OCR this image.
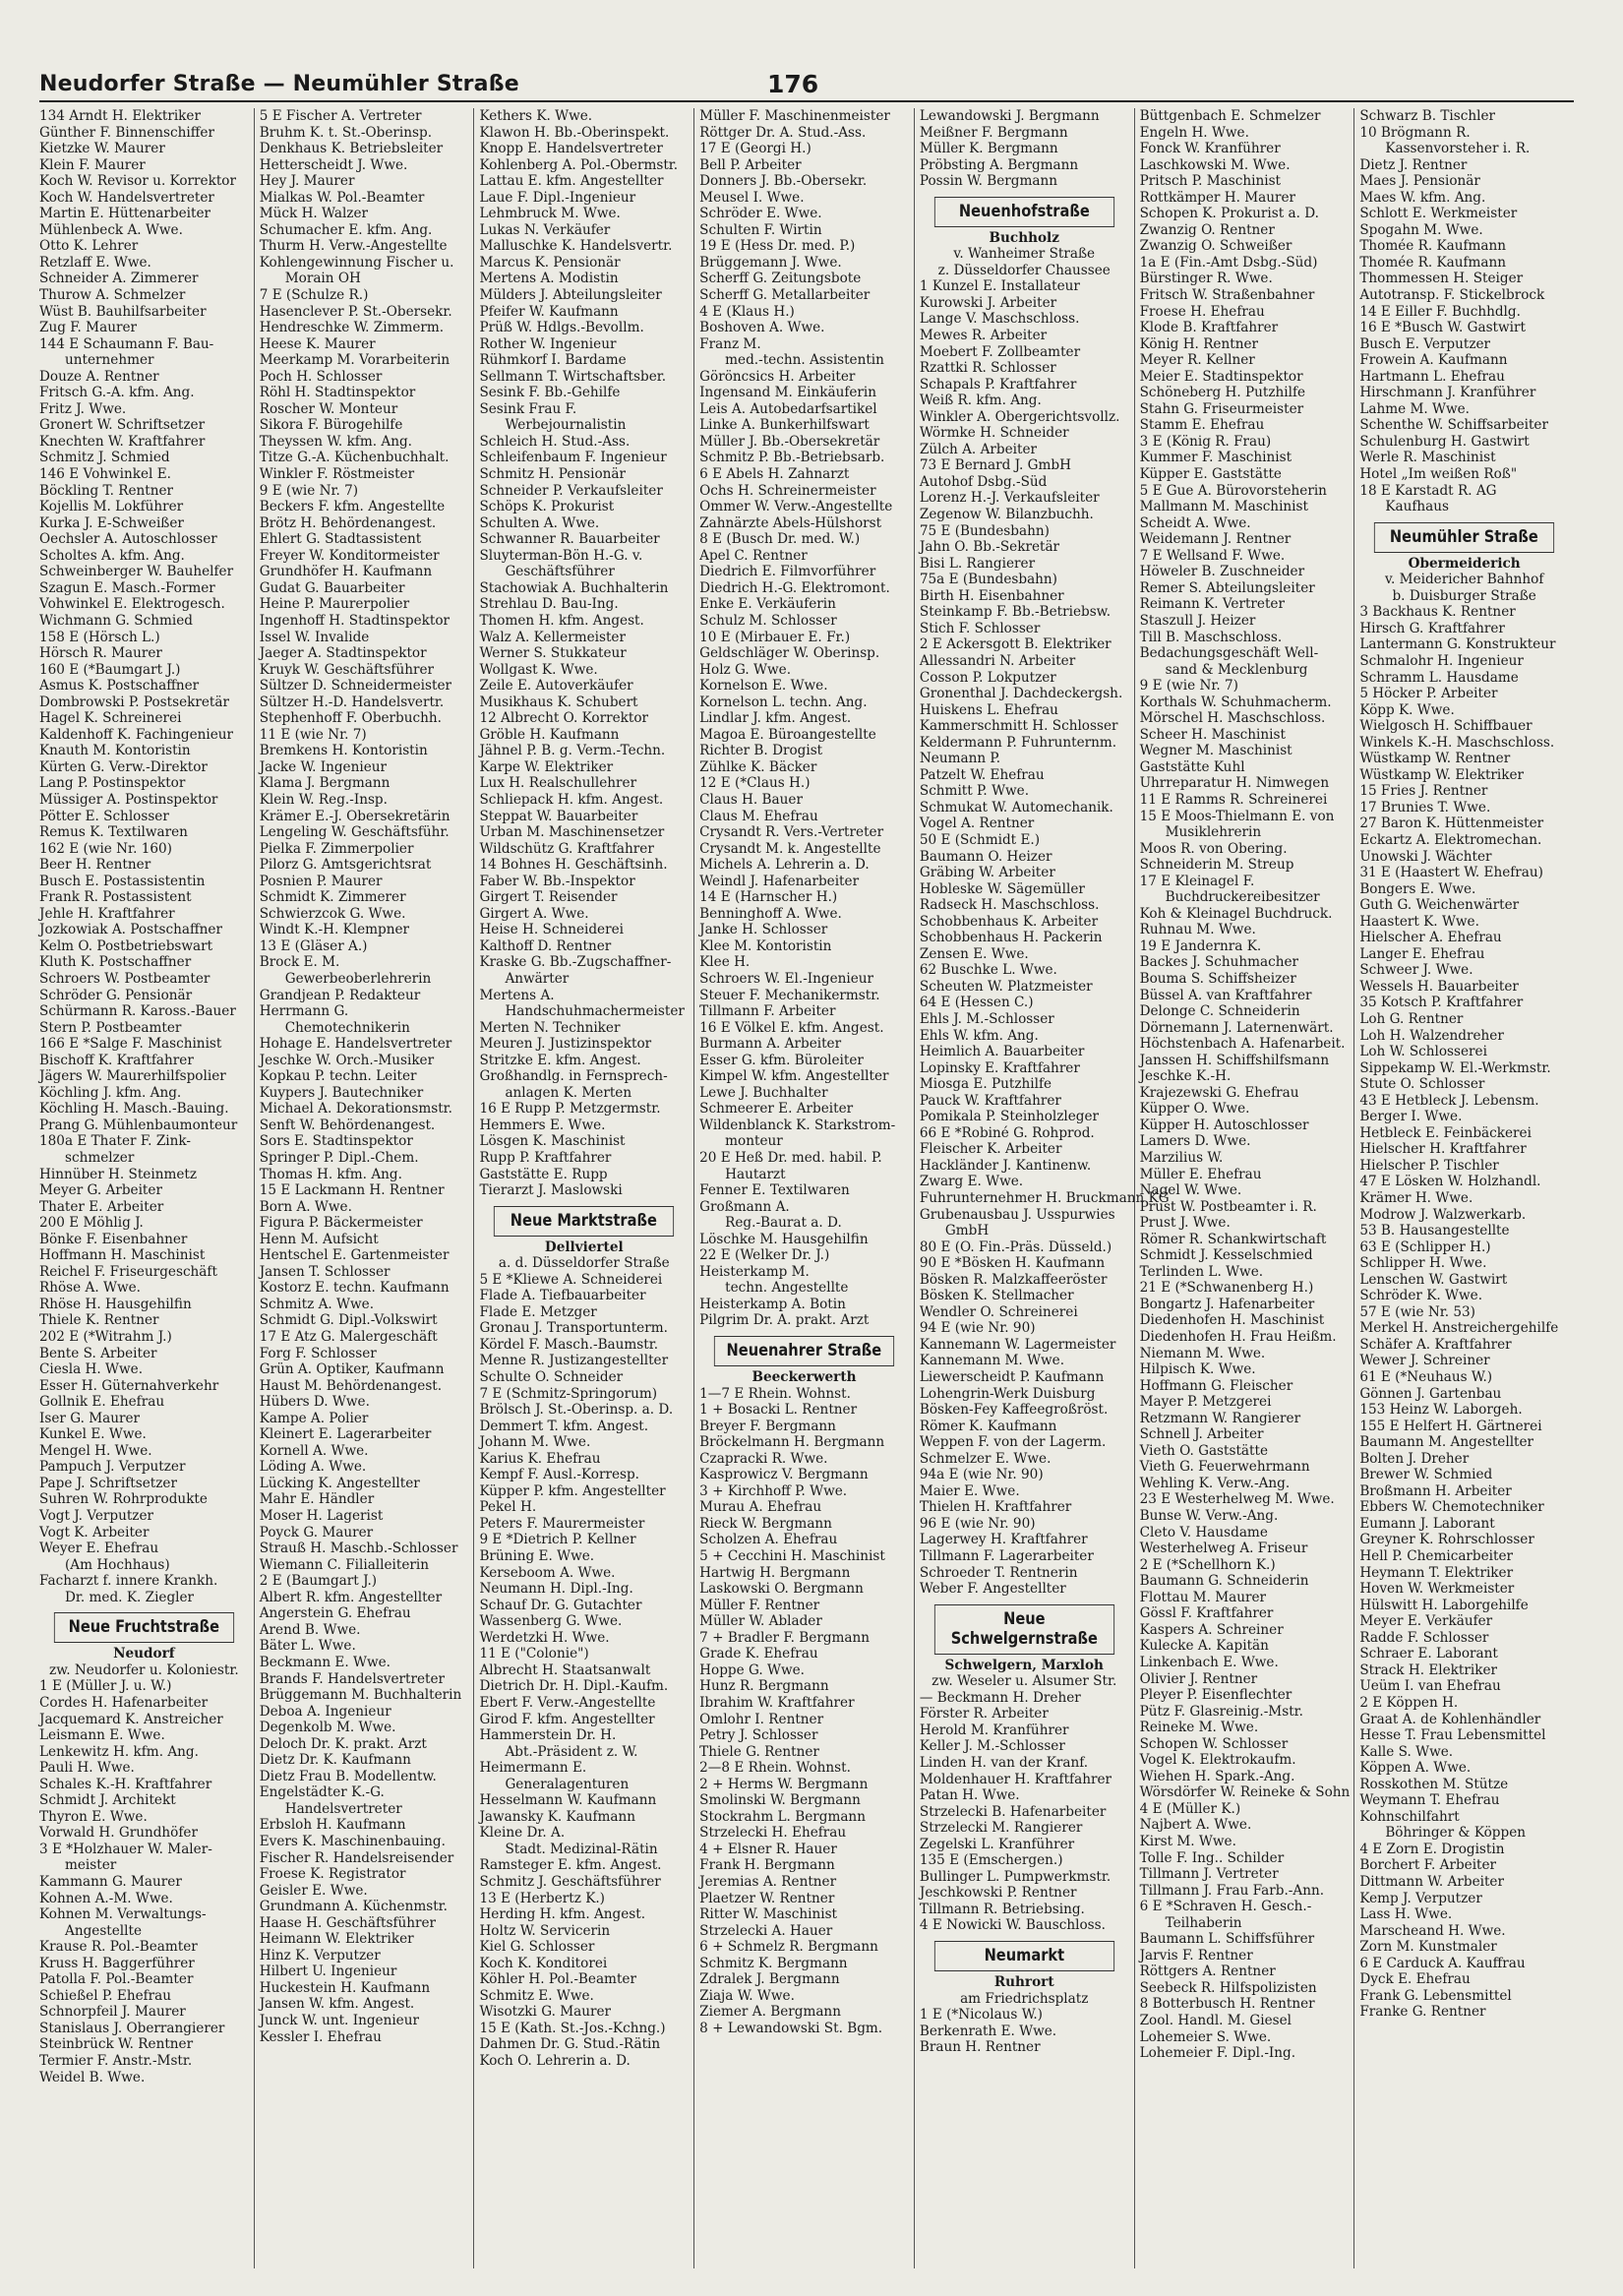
Neudorfer Straße — Neumühler Straße	176
134 Arndt H. Elektriker
Günther F. Binnenschiffer
Kietzke W. Maurer
Klein F. Maurer
Koch W. Revisor u. Korrektor
Koch W. Handelsvertreter
Martin E. Hüttenarbeiter
Mühlenbeck A. Wwe.
Otto K. Lehrer
Retzlaff E. Wwe.
Schneider A. Zimmerer
Thurow A. Schmelzer
Wüst B. Bauhilfsarbeiter
Zug F. Maurer
144 E Schaumann F. Bau-
unternehmer
Douze A. Rentner
Fritsch G.-A. kfm. Ang.
Fritz J. Wwe.
Gronert W. Schriftsetzer
Knechten W. Kraftfahrer
Schmitz J. Schmied
146 E Vohwinkel E.
Böckling T. Rentner
Kojellis M. Lokführer
Kurka J. E-Schweißer
Oechsler A. Autoschlosser
Scholtes A. kfm. Ang.
Schweinberger W. Bauhelfer
Szagun E. Masch.-Former
Vohwinkel E. Elektrogesch.
Wichmann G. Schmied
158 E (Hörsch L.)
Hörsch R. Maurer
160 E (*Baumgart J.)
Asmus K. Postschaffner
Dombrowski P. Postsekretär
Hagel K. Schreinerei
Kaldenhoff K. Fachingenieur
Knauth M. Kontoristin
Kürten G. Verw.-Direktor
Lang P. Postinspektor
Müssiger A. Postinspektor
Pötter E. Schlosser
Remus K. Textilwaren
162 E (wie Nr. 160)
Beer H. Rentner
Busch E. Postassistentin
Frank R. Postassistent
Jehle H. Kraftfahrer
Jozkowiak A. Postschaffner
Kelm O. Postbetriebswart
Kluth K. Postschaffner
Schroers W. Postbeamter
Schröder G. Pensionär
Schürmann R. Kaross.-Bauer
Stern P. Postbeamter
166 E *Salge F. Maschinist
Bischoff K. Kraftfahrer
Jägers W. Maurerhilfspolier
Köchling J. kfm. Ang.
Köchling H. Masch.-Bauing.
Prang G. Mühlenbaumonteur
180a E Thater F. Zink-
schmelzer
Hinnüber H. Steinmetz
Meyer G. Arbeiter
Thater E. Arbeiter
200 E Möhlig J.
Bönke F. Eisenbahner
Hoffmann H. Maschinist
Reichel F. Friseurgeschäft
Rhöse A. Wwe.
Rhöse H. Hausgehilfin
Thiele K. Rentner
202 E (*Witrahm J.)
Bente S. Arbeiter
Ciesla H. Wwe.
Esser H. Güternahverkehr
Gollnik E. Ehefrau
Iser G. Maurer
Kunkel E. Wwe.
Mengel H. Wwe.
Pampuch J. Verputzer
Pape J. Schriftsetzer
Suhren W. Rohrprodukte
Vogt J. Verputzer
Vogt K. Arbeiter
Weyer E. Ehefrau
(Am Hochhaus)
Facharzt f. innere Krankh.
Dr. med. K. Ziegler
Neue Fruchtstraße
Neudorf
zw. Neudorfer u. Koloniestr.
1 E (Müller J. u. W.)
Cordes H. Hafenarbeiter
Jacquemard K. Anstreicher
Leismann E. Wwe.
Lenkewitz H. kfm. Ang.
Pauli H. Wwe.
Schales K.-H. Kraftfahrer
Schmidt J. Architekt
Thyron E. Wwe.
Vorwald H. Grundhöfer
3 E *Holzhauer W. Maler-
meister
Kammann G. Maurer
Kohnen A.-M. Wwe.
Kohnen M. Verwaltungs-
Angestellte
Krause R. Pol.-Beamter
Kruss H. Baggerführer
Patolla F. Pol.-Beamter
Schießel P. Ehefrau
Schnorpfeil J. Maurer
Stanislaus J. Oberrangierer
Steinbrück W. Rentner
Termier F. Anstr.-Mstr.
Weidel B. Wwe.
5 E Fischer A. Vertreter
Bruhm K. t. St.-Oberinsp.
Denkhaus K. Betriebsleiter
Hetterscheidt J. Wwe.
Hey J. Maurer
Mialkas W. Pol.-Beamter
Mück H. Walzer
Schumacher E. kfm. Ang.
Thurm H. Verw.-Angestellte
Kohlengewinnung Fischer u.
Morain OH
7 E (Schulze R.)
Hasenclever P. St.-Obersekr.
Hendreschke W. Zimmerm.
Heese K. Maurer
Meerkamp M. Vorarbeiterin
Poch H. Schlosser
Röhl H. Stadtinspektor
Roscher W. Monteur
Sikora F. Bürogehilfe
Theyssen W. kfm. Ang.
Titze G.-A. Küchenbuchhalt.
Winkler F. Röstmeister
9 E (wie Nr. 7)
Beckers F. kfm. Angestellte
Brötz H. Behördenangest.
Ehlert G. Stadtassistent
Freyer W. Konditormeister
Grundhöfer H. Kaufmann
Gudat G. Bauarbeiter
Heine P. Maurerpolier
Ingenhoff H. Stadtinspektor
Issel W. Invalide
Jaeger A. Stadtinspektor
Kruyk W. Geschäftsführer
Sültzer D. Schneidermeister
Sültzer H.-D. Handelsvertr.
Stephenhoff F. Oberbuchh.
11 E (wie Nr. 7)
Bremkens H. Kontoristin
Jacke W. Ingenieur
Klama J. Bergmann
Klein W. Reg.-Insp.
Krämer E.-J. Obersekretärin
Lengeling W. Geschäftsführ.
Pielka F. Zimmerpolier
Pilorz G. Amtsgerichtsrat
Posnien P. Maurer
Schmidt K. Zimmerer
Schwierzcok G. Wwe.
Windt K.-H. Klempner
13 E (Gläser A.)
Brock E. M.
Gewerbeoberlehrerin
Grandjean P. Redakteur
Herrmann G.
Chemotechnikerin
Hohage E. Handelsvertreter
Jeschke W. Orch.-Musiker
Kopkau P. techn. Leiter
Kuypers J. Bautechniker
Michael A. Dekorationsmstr.
Senft W. Behördenangest.
Sors E. Stadtinspektor
Springer P. Dipl.-Chem.
Thomas H. kfm. Ang.
15 E Lackmann H. Rentner
Born A. Wwe.
Figura P. Bäckermeister
Henn M. Aufsicht
Hentschel E. Gartenmeister
Jansen T. Schlosser
Kostorz E. techn. Kaufmann
Schmitz A. Wwe.
Schmidt G. Dipl.-Volkswirt
17 E Atz G. Malergeschäft
Forg F. Schlosser
Grün A. Optiker, Kaufmann
Haust M. Behördenangest.
Hübers D. Wwe.
Kampe A. Polier
Kleinert E. Lagerarbeiter
Kornell A. Wwe.
Löding A. Wwe.
Lücking K. Angestellter
Mahr E. Händler
Moser H. Lagerist
Poyck G. Maurer
Strauß H. Maschb.-Schlosser
Wiemann C. Filialleiterin
2 E (Baumgart J.)
Albert R. kfm. Angestellter
Angerstein G. Ehefrau
Arend B. Wwe.
Bäter L. Wwe.
Beckmann E. Wwe.
Brands F. Handelsvertreter
Brüggemann M. Buchhalterin
Deboa A. Ingenieur
Degenkolb M. Wwe.
Deloch Dr. K. prakt. Arzt
Dietz Dr. K. Kaufmann
Dietz Frau B. Modellentw.
Engelstädter K.-G.
Handelsvertreter
Erbsloh H. Kaufmann
Evers K. Maschinenbauing.
Fischer R. Handelsreisender
Froese K. Registrator
Geisler E. Wwe.
Grundmann A. Küchenmstr.
Haase H. Geschäftsführer
Heimann W. Elektriker
Hinz K. Verputzer
Hilbert U. Ingenieur
Huckestein H. Kaufmann
Jansen W. kfm. Angest.
Junck W. unt. Ingenieur
Kessler I. Ehefrau
Kethers K. Wwe.
Klawon H. Bb.-Oberinspekt.
Knopp E. Handelsvertreter
Kohlenberg A. Pol.-Obermstr.
Lattau E. kfm. Angestellter
Laue F. Dipl.-Ingenieur
Lehmbruck M. Wwe.
Lukas N. Verkäufer
Malluschke K. Handelsvertr.
Marcus K. Pensionär
Mertens A. Modistin
Mülders J. Abteilungsleiter
Pfeifer W. Kaufmann
Prüß W. Hdlgs.-Bevollm.
Rother W. Ingenieur
Rühmkorf I. Bardame
Sellmann T. Wirtschaftsber.
Sesink F. Bb.-Gehilfe
Sesink Frau F.
Werbejournalistin
Schleich H. Stud.-Ass.
Schleifenbaum F. Ingenieur
Schmitz H. Pensionär
Schneider P. Verkaufsleiter
Schöps K. Prokurist
Schulten A. Wwe.
Schwanner R. Bauarbeiter
Sluyterman-Bön H.-G. v.
Geschäftsführer
Stachowiak A. Buchhalterin
Strehlau D. Bau-Ing.
Thomen H. kfm. Angest.
Walz A. Kellermeister
Werner S. Stukkateur
Wollgast K. Wwe.
Zeile E. Autoverkäufer
Musikhaus K. Schubert
12 Albrecht O. Korrektor
Gröble H. Kaufmann
Jähnel P. B. g. Verm.-Techn.
Karpe W. Elektriker
Lux H. Realschullehrer
Schliepack H. kfm. Angest.
Steppat W. Bauarbeiter
Urban M. Maschinensetzer
Wildschütz G. Kraftfahrer
14 Bohnes H. Geschäftsinh.
Faber W. Bb.-Inspektor
Girgert T. Reisender
Girgert A. Wwe.
Heise H. Schneiderei
Kalthoff D. Rentner
Kraske G. Bb.-Zugschaffner-
Anwärter
Mertens A.
Handschuhmachermeister
Merten N. Techniker
Meuren J. Justizinspektor
Stritzke E. kfm. Angest.
Großhandlg. in Fernsprech-
anlagen K. Merten
16 E Rupp P. Metzgermstr.
Hemmers E. Wwe.
Lösgen K. Maschinist
Rupp P. Kraftfahrer
Gaststätte E. Rupp
Tierarzt J. Maslowski
Neue Marktstraße
Dellviertel
a. d. Düsseldorfer Straße
5 E *Kliewe A. Schneiderei
Flade A. Tiefbauarbeiter
Flade E. Metzger
Gronau J. Transportunterm.
Kördel F. Masch.-Baumstr.
Menne R. Justizangestellter
Schulte O. Schneider
7 E (Schmitz-Springorum)
Brölsch J. St.-Oberinsp. a. D.
Demmert T. kfm. Angest.
Johann M. Wwe.
Karius K. Ehefrau
Kempf F. Ausl.-Korresp.
Küpper P. kfm. Angestellter
Pekel H.
Peters F. Maurermeister
9 E *Dietrich P. Kellner
Brüning E. Wwe.
Kerseboom A. Wwe.
Neumann H. Dipl.-Ing.
Schauf Dr. G. Gutachter
Wassenberg G. Wwe.
Werdetzki H. Wwe.
11 E ("Colonie")
Albrecht H. Staatsanwalt
Dietrich Dr. H. Dipl.-Kaufm.
Ebert F. Verw.-Angestellte
Girod F. kfm. Angestellter
Hammerstein Dr. H.
Abt.-Präsident z. W.
Heimermann E.
Generalagenturen
Hesselmann W. Kaufmann
Jawansky K. Kaufmann
Kleine Dr. A.
Stadt. Medizinal-Rätin
Ramsteger E. kfm. Angest.
Schmitz J. Geschäftsführer
13 E (Herbertz K.)
Herding H. kfm. Angest.
Holtz W. Servicerin
Kiel G. Schlosser
Koch K. Konditorei
Köhler H. Pol.-Beamter
Schmitz E. Wwe.
Wisotzki G. Maurer
15 E (Kath. St.-Jos.-Kchng.)
Dahmen Dr. G. Stud.-Rätin
Koch O. Lehrerin a. D.
Müller F. Maschinenmeister
Röttger Dr. A. Stud.-Ass.
17 E (Georgi H.)
Bell P. Arbeiter
Donners J. Bb.-Obersekr.
Meusel I. Wwe.
Schröder E. Wwe.
Schulten F. Wirtin
19 E (Hess Dr. med. P.)
Brüggemann J. Wwe.
Scherff G. Zeitungsbote
Scherff G. Metallarbeiter
4 E (Klaus H.)
Boshoven A. Wwe.
Franz M.
med.-techn. Assistentin
Göröncsics H. Arbeiter
Ingensand M. Einkäuferin
Leis A. Autobedarfsartikel
Linke A. Bunkerhilfswart
Müller J. Bb.-Obersekretär
Schmitz P. Bb.-Betriebsarb.
6 E Abels H. Zahnarzt
Ochs H. Schreinermeister
Ommer W. Verw.-Angestellte
Zahnärzte Abels-Hülshorst
8 E (Busch Dr. med. W.)
Apel C. Rentner
Diedrich E. Filmvorführer
Diedrich H.-G. Elektromont.
Enke E. Verkäuferin
Schulz M. Schlosser
10 E (Mirbauer E. Fr.)
Geldschläger W. Oberinsp.
Holz G. Wwe.
Kornelson E. Wwe.
Kornelson L. techn. Ang.
Lindlar J. kfm. Angest.
Magoa E. Büroangestellte
Richter B. Drogist
Zühlke K. Bäcker
12 E (*Claus H.)
Claus H. Bauer
Claus M. Ehefrau
Crysandt R. Vers.-Vertreter
Crysandt M. k. Angestellte
Michels A. Lehrerin a. D.
Weindl J. Hafenarbeiter
14 E (Harnscher H.)
Benninghoff A. Wwe.
Janke H. Schlosser
Klee M. Kontoristin
Klee H.
Schroers W. El.-Ingenieur
Steuer F. Mechanikermstr.
Tillmann F. Arbeiter
16 E Völkel E. kfm. Angest.
Burmann A. Arbeiter
Esser G. kfm. Büroleiter
Kimpel W. kfm. Angestellter
Lewe J. Buchhalter
Schmeerer E. Arbeiter
Wildenblanck K. Starkstrom-
monteur
20 E Heß Dr. med. habil. P.
Hautarzt
Fenner E. Textilwaren
Großmann A.
Reg.-Baurat a. D.
Löschke M. Hausgehilfin
22 E (Welker Dr. J.)
Heisterkamp M.
techn. Angestellte
Heisterkamp A. Botin
Pilgrim Dr. A. prakt. Arzt
Neuenahrer Straße
Beeckerwerth
1—7 E Rhein. Wohnst.
1 + Bosacki L. Rentner
Breyer F. Bergmann
Bröckelmann H. Bergmann
Czapracki R. Wwe.
Kasprowicz V. Bergmann
3 + Kirchhoff P. Wwe.
Murau A. Ehefrau
Rieck W. Bergmann
Scholzen A. Ehefrau
5 + Cecchini H. Maschinist
Hartwig H. Bergmann
Laskowski O. Bergmann
Müller F. Rentner
Müller W. Ablader
7 + Bradler F. Bergmann
Grade K. Ehefrau
Hoppe G. Wwe.
Hunz R. Bergmann
Ibrahim W. Kraftfahrer
Omlohr I. Rentner
Petry J. Schlosser
Thiele G. Rentner
2—8 E Rhein. Wohnst.
2 + Herms W. Bergmann
Smolinski W. Bergmann
Stockrahm L. Bergmann
Strzelecki H. Ehefrau
4 + Elsner R. Hauer
Frank H. Bergmann
Jeremias A. Rentner
Plaetzer W. Rentner
Ritter W. Maschinist
Strzelecki A. Hauer
6 + Schmelz R. Bergmann
Schmitz K. Bergmann
Zdralek J. Bergmann
Ziaja W. Wwe.
Ziemer A. Bergmann
8 + Lewandowski St. Bgm.
Lewandowski J. Bergmann
Meißner F. Bergmann
Müller K. Bergmann
Pröbsting A. Bergmann
Possin W. Bergmann
Neuenhofstraße
Buchholz
v. Wanheimer Straße
z. Düsseldorfer Chaussee
1 Kunzel E. Installateur
Kurowski J. Arbeiter
Lange V. Maschschloss.
Mewes R. Arbeiter
Moebert F. Zollbeamter
Rzattki R. Schlosser
Schapals P. Kraftfahrer
Weiß R. kfm. Ang.
Winkler A. Obergerichtsvollz.
Wörmke H. Schneider
Zülch A. Arbeiter
73 E Bernard J. GmbH
Autohof Dsbg.-Süd
Lorenz H.-J. Verkaufsleiter
Zegenow W. Bilanzbuchh.
75 E (Bundesbahn)
Jahn O. Bb.-Sekretär
Bisi L. Rangierer
75a E (Bundesbahn)
Birth H. Eisenbahner
Steinkamp F. Bb.-Betriebsw.
Stich F. Schlosser
2 E Ackersgott B. Elektriker
Allessandri N. Arbeiter
Cosson P. Lokputzer
Gronenthal J. Dachdeckergsh.
Huiskens L. Ehefrau
Kammerschmitt H. Schlosser
Keldermann P. Fuhrunternm.
Neumann P.
Patzelt W. Ehefrau
Schmitt P. Wwe.
Schmukat W. Automechanik.
Vogel A. Rentner
50 E (Schmidt E.)
Baumann O. Heizer
Gräbing W. Arbeiter
Hobleske W. Sägemüller
Radseck H. Maschschloss.
Schobbenhaus K. Arbeiter
Schobbenhaus H. Packerin
Zensen E. Wwe.
62 Buschke L. Wwe.
Scheuten W. Platzmeister
64 E (Hessen C.)
Ehls J. M.-Schlosser
Ehls W. kfm. Ang.
Heimlich A. Bauarbeiter
Lopinsky E. Kraftfahrer
Miosga E. Putzhilfe
Pauck W. Kraftfahrer
Pomikala P. Steinholzleger
66 E *Robiné G. Rohprod.
Fleischer K. Arbeiter
Hackländer J. Kantinenw.
Zwarg E. Wwe.
Fuhrunternehmer H. Bruckmann KG
Grubenausbau J. Usspurwies
GmbH
80 E (O. Fin.-Präs. Düsseld.)
90 E *Bösken H. Kaufmann
Bösken R. Malzkaffeeröster
Bösken K. Stellmacher
Wendler O. Schreinerei
94 E (wie Nr. 90)
Kannemann W. Lagermeister
Kannemann M. Wwe.
Liewerscheidt P. Kaufmann
Lohengrin-Werk Duisburg
Bösken-Fey Kaffeegroßröst.
Römer K. Kaufmann
Weppen F. von der Lagerm.
Schmelzer E. Wwe.
94a E (wie Nr. 90)
Maier E. Wwe.
Thielen H. Kraftfahrer
96 E (wie Nr. 90)
Lagerwey H. Kraftfahrer
Tillmann F. Lagerarbeiter
Schroeder T. Rentnerin
Weber F. Angestellter
Neue Schwelgernstraße
Schwelgern, Marxloh
zw. Weseler u. Alsumer Str.
— Beckmann H. Dreher
Förster R. Arbeiter
Herold M. Kranführer
Keller J. M.-Schlosser
Linden H. van der Kranf.
Moldenhauer H. Kraftfahrer
Patan H. Wwe.
Strzelecki B. Hafenarbeiter
Strzelecki M. Rangierer
Zegelski L. Kranführer
135 E (Emschergen.)
Bullinger L. Pumpwerkmstr.
Jeschkowski P. Rentner
Tillmann R. Betriebsing.
4 E Nowicki W. Bauschloss.
Neumarkt
Ruhrort
am Friedrichsplatz
1 E (*Nicolaus W.)
Berkenrath E. Wwe.
Braun H. Rentner
Büttgenbach E. Schmelzer
Engeln H. Wwe.
Fonck W. Kranführer
Laschkowski M. Wwe.
Pritsch P. Maschinist
Rottkämper H. Maurer
Schopen K. Prokurist a. D.
Zwanzig O. Rentner
Zwanzig O. Schweißer
1a E (Fin.-Amt Dsbg.-Süd)
Bürstinger R. Wwe.
Fritsch W. Straßenbahner
Froese H. Ehefrau
Klode B. Kraftfahrer
König H. Rentner
Meyer R. Kellner
Meier E. Stadtinspektor
Schöneberg H. Putzhilfe
Stahn G. Friseurmeister
Stamm E. Ehefrau
3 E (König R. Frau)
Kummer F. Maschinist
Küpper E. Gaststätte
5 E Gue A. Bürovorsteherin
Mallmann M. Maschinist
Scheidt A. Wwe.
Weidemann J. Rentner
7 E Wellsand F. Wwe.
Höweler B. Zuschneider
Remer S. Abteilungsleiter
Reimann K. Vertreter
Staszull J. Heizer
Till B. Maschschloss.
Bedachungsgeschäft Well-
sand & Mecklenburg
9 E (wie Nr. 7)
Korthals W. Schuhmacherm.
Mörschel H. Maschschloss.
Scheer H. Maschinist
Wegner M. Maschinist
Gaststätte Kuhl
Uhrreparatur H. Nimwegen
11 E Ramms R. Schreinerei
15 E Moos-Thielmann E. von
Musiklehrerin
Moos R. von Obering.
Schneiderin M. Streup
17 E Kleinagel F.
Buchdruckereibesitzer
Koh & Kleinagel Buchdruck.
Ruhnau M. Wwe.
19 E Jandernra K.
Backes J. Schuhmacher
Bouma S. Schiffsheizer
Büssel A. van Kraftfahrer
Delonge C. Schneiderin
Dörnemann J. Laternenwärt.
Höchstenbach A. Hafenarbeit.
Janssen H. Schiffshilfsmann
Jeschke K.-H.
Krajezewski G. Ehefrau
Küpper O. Wwe.
Küpper H. Autoschlosser
Lamers D. Wwe.
Marzilius W.
Müller E. Ehefrau
Nagel W. Wwe.
Prust W. Postbeamter i. R.
Prust J. Wwe.
Römer R. Schankwirtschaft
Schmidt J. Kesselschmied
Terlinden L. Wwe.
21 E (*Schwanenberg H.)
Bongartz J. Hafenarbeiter
Diedenhofen H. Maschinist
Diedenhofen H. Frau Heißm.
Niemann M. Wwe.
Hilpisch K. Wwe.
Hoffmann G. Fleischer
Mayer P. Metzgerei
Retzmann W. Rangierer
Schnell J. Arbeiter
Vieth O. Gaststätte
Vieth G. Feuerwehrmann
Wehling K. Verw.-Ang.
23 E Westerhelweg M. Wwe.
Bunse W. Verw.-Ang.
Cleto V. Hausdame
Westerhelweg A. Friseur
2 E (*Schellhorn K.)
Baumann G. Schneiderin
Flottau M. Maurer
Gössl F. Kraftfahrer
Kaspers A. Schreiner
Kulecke A. Kapitän
Linkenbach E. Wwe.
Olivier J. Rentner
Pleyer P. Eisenflechter
Pütz F. Glasreinig.-Mstr.
Reineke M. Wwe.
Schopen W. Schlosser
Vogel K. Elektrokaufm.
Wiehen H. Spark.-Ang.
Wörsdörfer W. Reineke & Sohn
4 E (Müller K.)
Najbert A. Wwe.
Kirst M. Wwe.
Tolle F. Ing.. Schilder
Tillmann J. Vertreter
Tillmann J. Frau Farb.-Ann.
6 E *Schraven H. Gesch.-
Teilhaberin
Baumann L. Schiffsführer
Jarvis F. Rentner
Röttgers A. Rentner
Seebeck R. Hilfspolizisten
8 Botterbusch H. Rentner
Zool. Handl. M. Giesel
Lohemeier S. Wwe.
Lohemeier F. Dipl.-Ing.
Schwarz B. Tischler
10 Brögmann R.
Kassenvorsteher i. R.
Dietz J. Rentner
Maes J. Pensionär
Maes W. kfm. Ang.
Schlott E. Werkmeister
Spogahn M. Wwe.
Thomée R. Kaufmann
Thomée R. Kaufmann
Thommessen H. Steiger
Autotransp. F. Stickelbrock
14 E Eiller F. Buchhdlg.
16 E *Busch W. Gastwirt
Busch E. Verputzer
Frowein A. Kaufmann
Hartmann L. Ehefrau
Hirschmann J. Kranführer
Lahme M. Wwe.
Schenthe W. Schiffsarbeiter
Schulenburg H. Gastwirt
Werle R. Maschinist
Hotel „Im weißen Roß"
18 E Karstadt R. AG
Kaufhaus
Neumühler Straße
Obermeiderich
v. Meidericher Bahnhof
b. Duisburger Straße
3 Backhaus K. Rentner
Hirsch G. Kraftfahrer
Lantermann G. Konstrukteur
Schmalohr H. Ingenieur
Schramm L. Hausdame
5 Höcker P. Arbeiter
Köpp K. Wwe.
Wielgosch H. Schiffbauer
Winkels K.-H. Maschschloss.
Wüstkamp W. Rentner
Wüstkamp W. Elektriker
15 Fries J. Rentner
17 Brunies T. Wwe.
27 Baron K. Hüttenmeister
Eckartz A. Elektromechan.
Unowski J. Wächter
31 E (Haastert W. Ehefrau)
Bongers E. Wwe.
Guth G. Weichenwärter
Haastert K. Wwe.
Hielscher A. Ehefrau
Langer E. Ehefrau
Schweer J. Wwe.
Wessels H. Bauarbeiter
35 Kotsch P. Kraftfahrer
Loh G. Rentner
Loh H. Walzendreher
Loh W. Schlosserei
Sippekamp W. El.-Werkmstr.
Stute O. Schlosser
43 E Hetbleck J. Lebensm.
Berger I. Wwe.
Hetbleck E. Feinbäckerei
Hielscher H. Kraftfahrer
Hielscher P. Tischler
47 E Lösken W. Holzhandl.
Krämer H. Wwe.
Modrow J. Walzwerkarb.
53 B. Hausangestellte
63 E (Schlipper H.)
Schlipper H. Wwe.
Lenschen W. Gastwirt
Schröder K. Wwe.
57 E (wie Nr. 53)
Merkel H. Anstreichergehilfe
Schäfer A. Kraftfahrer
Wewer J. Schreiner
61 E (*Neuhaus W.)
Gönnen J. Gartenbau
153 Heinz W. Laborgeh.
155 E Helfert H. Gärtnerei
Baumann M. Angestellter
Bolten J. Dreher
Brewer W. Schmied
Broßmann H. Arbeiter
Ebbers W. Chemotechniker
Eumann J. Laborant
Greyner K. Rohrschlosser
Hell P. Chemicarbeiter
Heymann T. Elektriker
Hoven W. Werkmeister
Hülswitt H. Laborgehilfe
Meyer E. Verkäufer
Radde F. Schlosser
Schraer E. Laborant
Strack H. Elektriker
Ueüm I. van Ehefrau
2 E Köppen H.
Graat A. de Kohlenhändler
Hesse T. Frau Lebensmittel
Kalle S. Wwe.
Köppen A. Wwe.
Rosskothen M. Stütze
Weymann T. Ehefrau
Kohnschilfahrt
Böhringer & Köppen
4 E Zorn E. Drogistin
Borchert F. Arbeiter
Dittmann W. Arbeiter
Kemp J. Verputzer
Lass H. Wwe.
Marscheand H. Wwe.
Zorn M. Kunstmaler
6 E Carduck A. Kauffrau
Dyck E. Ehefrau
Frank G. Lebensmittel
Franke G. Rentner
